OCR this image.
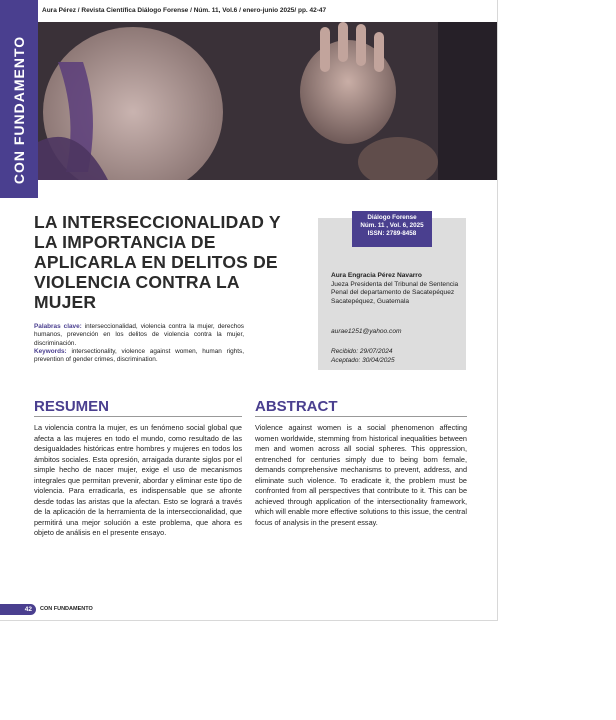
Aura Pérez / Revista Científica Diálogo Forense / Núm. 11, Vol.6 / enero-junio 2025/ pp. 42-47
CON FUNDAMENTO
LA INTERSECCIONALIDAD Y LA IMPORTANCIA DE APLICARLA EN DELITOS DE VIOLENCIA CONTRA LA MUJER
Diálogo Forense
Núm. 11 , Vol. 6, 2025
ISSN: 2789-8458
Aura Engracia Pérez Navarro
Jueza Presidenta del Tribunal de Sentencia Penal del departamento de Sacatepéquez
Sacatepéquez, Guatemala
aurae1251@yahoo.com
Recibido: 29/07/2024
Aceptado: 30/04/2025
Palabras clave: interseccionalidad, violencia contra la mujer, derechos humanos, prevención en los delitos de violencia contra la mujer, discriminación.
Keywords: intersectionality, violence against women, human rights, prevention of gender crimes, discrimination.
RESUMEN
La violencia contra la mujer, es un fenómeno social global que afecta a las mujeres en todo el mundo, como resultado de las desigualdades históricas entre hombres y mujeres en todos los ámbitos sociales. Esta opresión, arraigada durante siglos por el simple hecho de nacer mujer, exige el uso de mecanismos integrales que permitan prevenir, abordar y eliminar este tipo de violencia. Para erradicarla, es indispensable que se afronte desde todas las aristas que la afectan. Esto se logrará a través de la aplicación de la herramienta de la interseccionalidad, que permitirá una mejor solución a este problema, que ahora es objeto de análisis en el presente ensayo.
ABSTRACT
Violence against women is a social phenomenon affecting women worldwide, stemming from historical inequalities between men and women across all social spheres. This oppression, entrenched for centuries simply due to being born female, demands comprehensive mechanisms to prevent, address, and eliminate such violence. To eradicate it, the problem must be confronted from all perspectives that contribute to it. This can be achieved through application of the intersectionality framework, which will enable more effective solutions to this issue, the central focus of analysis in the present essay.
42	CON FUNDAMENTO
